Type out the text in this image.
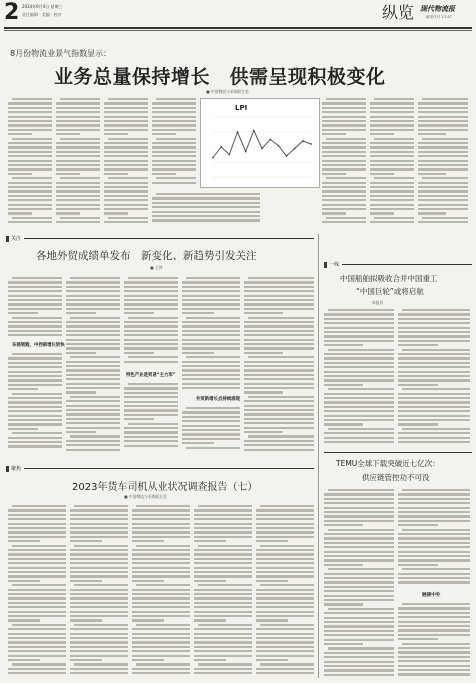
2 2024年9月4日 星期三
责任编辑 · 美编 · 校对	纵览 现代物流报
邮发代号 17-47
8月份物流业景气指数显示：
业务总量保持增长　供需呈现积极变化
■ 中国物流与采购联合会
LPI
关注
各地外贸成绩单发布　新变化、新趋势引发关注
■ 王烨
东部领跑，中西部增长较快
特色产业是贸易“主力军”
外贸新增长点持续涌现
一线
中国船舶拟吸收合并中国重工
“中国巨轮”或将启航
本报讯
TEMU全球下载突破近七亿次：
供应链管控功不可没
链接中外
聚焦
2023年货车司机从业状况调查报告（七）
■ 中国物流与采购联合会
